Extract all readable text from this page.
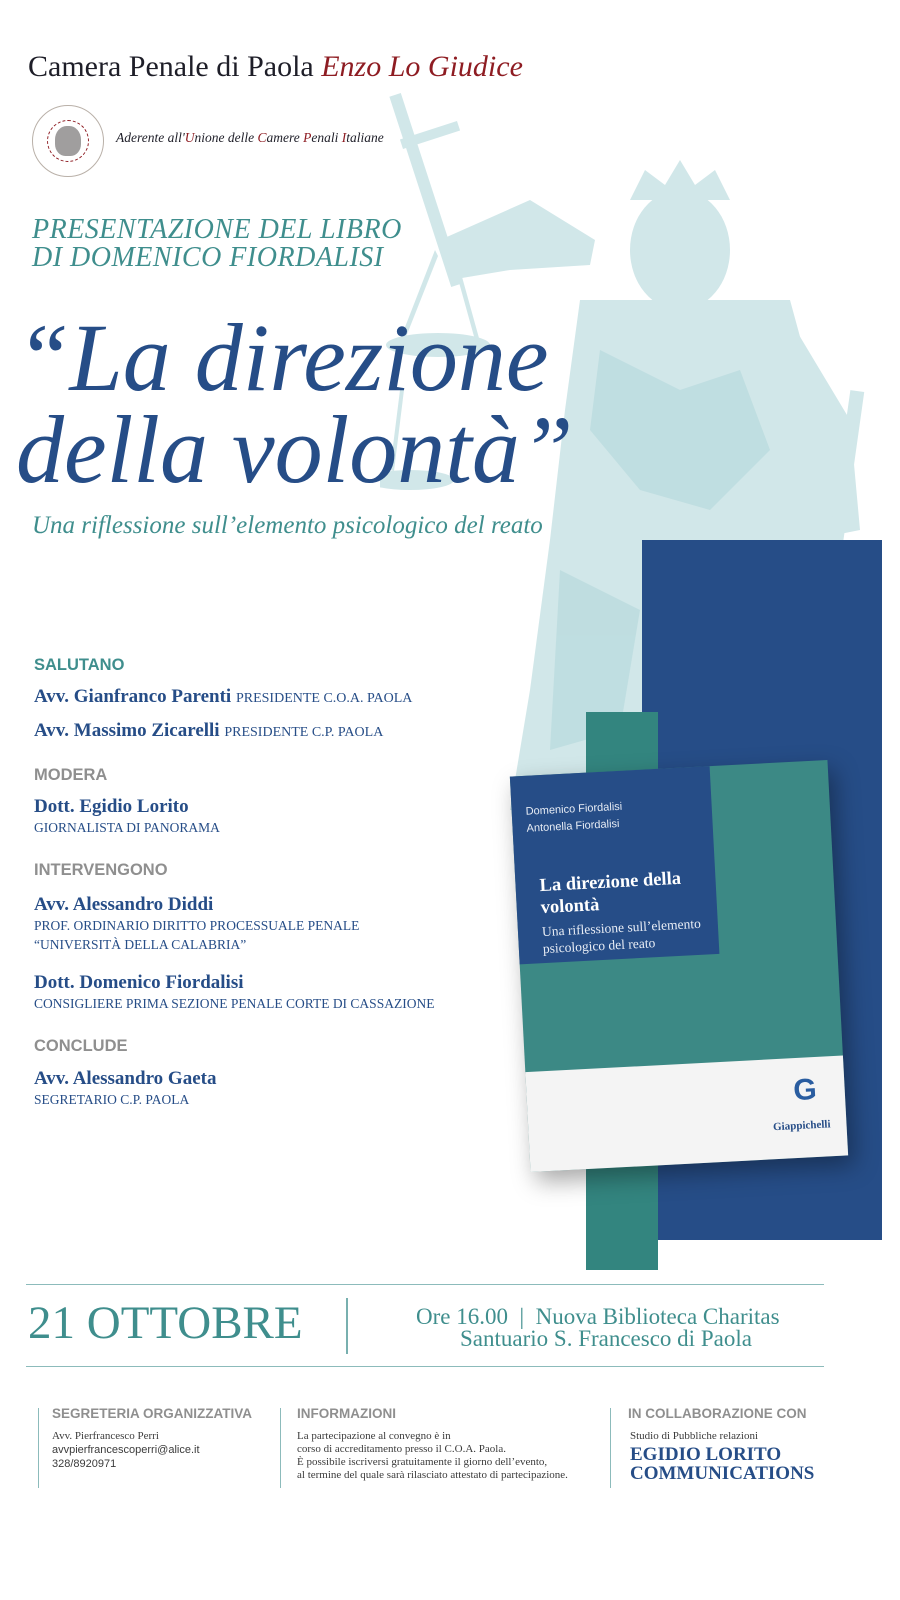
Camera Penale di Paola Enzo Lo Giudice
Aderente all'Unione delle Camere Penali Italiane
PRESENTAZIONE DEL LIBRO
DI DOMENICO FIORDALISI
“La direzione
della volontà”
Una riflessione sull’elemento psicologico del reato
Domenico Fiordalisi
Antonella Fiordalisi
La direzione della volontà
Una riflessione sull’elemento psicologico del reato
G
Giappichelli
SALUTANO
Avv. Gianfranco Parenti PRESIDENTE C.O.A. PAOLA
Avv. Massimo Zicarelli PRESIDENTE C.P. PAOLA
MODERA
Dott. Egidio Lorito
GIORNALISTA DI PANORAMA
INTERVENGONO
Avv. Alessandro Diddi
PROF. ORDINARIO DIRITTO PROCESSUALE PENALE
“UNIVERSITÀ DELLA CALABRIA”
Dott. Domenico Fiordalisi
CONSIGLIERE PRIMA SEZIONE PENALE CORTE DI CASSAZIONE
CONCLUDE
Avv. Alessandro Gaeta
SEGRETARIO C.P. PAOLA
21 OTTOBRE	Ore 16.00  |  Nuova Biblioteca Charitas
Santuario S. Francesco di Paola
SEGRETERIA ORGANIZZATIVA
Avv. Pierfrancesco Perri
avvpierfrancescoperri@alice.it
328/8920971
INFORMAZIONI
La partecipazione al convegno è in
corso di accreditamento presso il C.O.A. Paola.
È possibile iscriversi gratuitamente il giorno dell’evento,
al termine del quale sarà rilasciato attestato di partecipazione.
IN COLLABORAZIONE CON
Studio di Pubbliche relazioni
EGIDIO LORITO
COMMUNICATIONS
